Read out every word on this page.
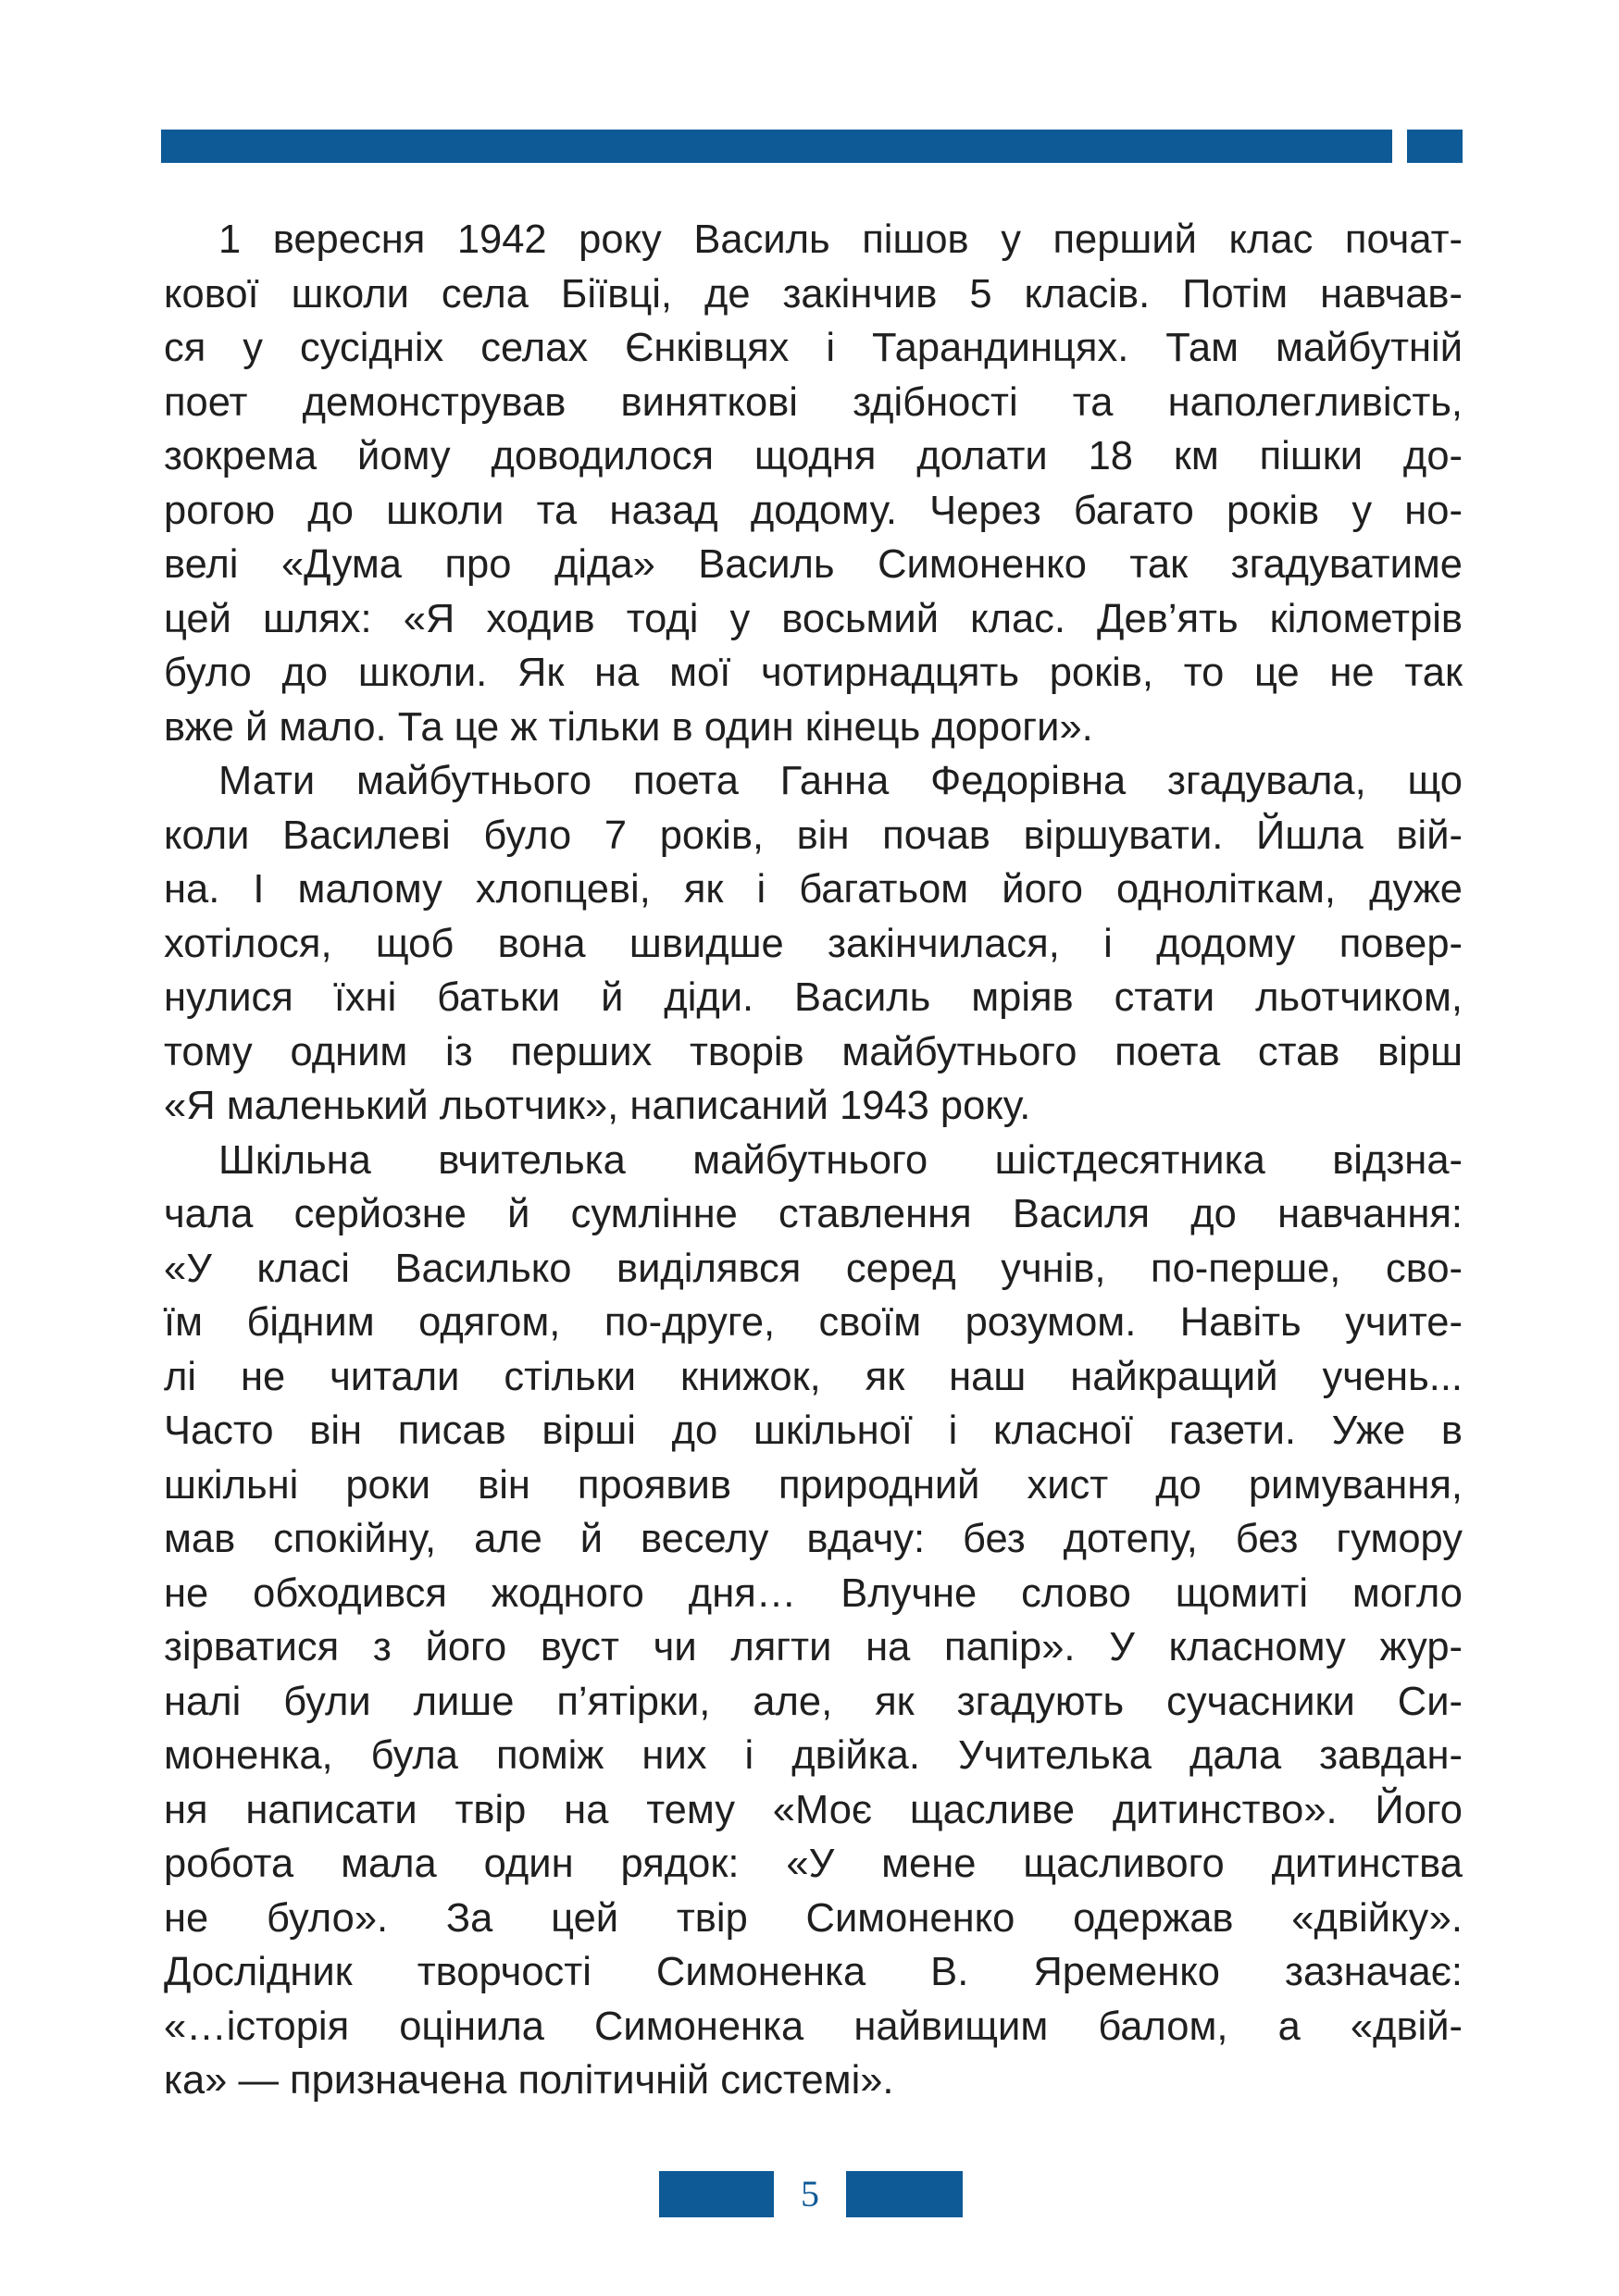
1 вересня 1942 року Василь пішов у перший клас почат-
кової школи села Біївці, де закінчив 5 класів. Потім навчав-
ся у сусідніх селах Єнківцях і Тарандинцях. Там майбутній
поет демонстрував виняткові здібності та наполегливість,
зокрема йому доводилося щодня долати 18 км пішки до-
рогою до школи та назад додому. Через багато років у но-
велі «Дума про діда» Василь Симоненко так згадуватиме
цей шлях: «Я ходив тоді у восьмий клас. Дев’ять кілометрів
було до школи. Як на мої чотирнадцять років, то це не так
вже й мало. Та це ж тільки в один кінець дороги».
Мати майбутнього поета Ганна Федорівна згадувала, що
коли Василеві було 7 років, він почав віршувати. Йшла вій-
на. І малому хлопцеві, як і багатьом його одноліткам, дуже
хотілося, щоб вона швидше закінчилася, і додому повер-
нулися їхні батьки й діди. Василь мріяв стати льотчиком,
тому одним із перших творів майбутнього поета став вірш
«Я маленький льотчик», написаний 1943 року.
Шкільна вчителька майбутнього шістдесятника відзна-
чала серйозне й сумлінне ставлення Василя до навчання:
«У класі Василько виділявся серед учнів, по-перше, сво-
їм бідним одягом, по-друге, своїм розумом. Навіть учите-
лі не читали стільки книжок, як наш найкращий учень...
Часто він писав вірші до шкільної і класної газети. Уже в
шкільні роки він проявив природний хист до римування,
мав спокійну, але й веселу вдачу: без дотепу, без гумору
не обходився жодного дня… Влучне слово щомиті могло
зірватися з його вуст чи лягти на папір». У класному жур-
налі були лише п’ятірки, але, як згадують сучасники Си-
моненка, була поміж них і двійка. Учителька дала завдан-
ня написати твір на тему «Моє щасливе дитинство». Його
робота мала один рядок: «У мене щасливого дитинства
не було». За цей твір Симоненко одержав «двійку».
Дослідник творчості Симоненка В. Яременко зазначає:
«…історія оцінила Симоненка найвищим балом, а «двій-
ка» — призначена політичній системі».
5
